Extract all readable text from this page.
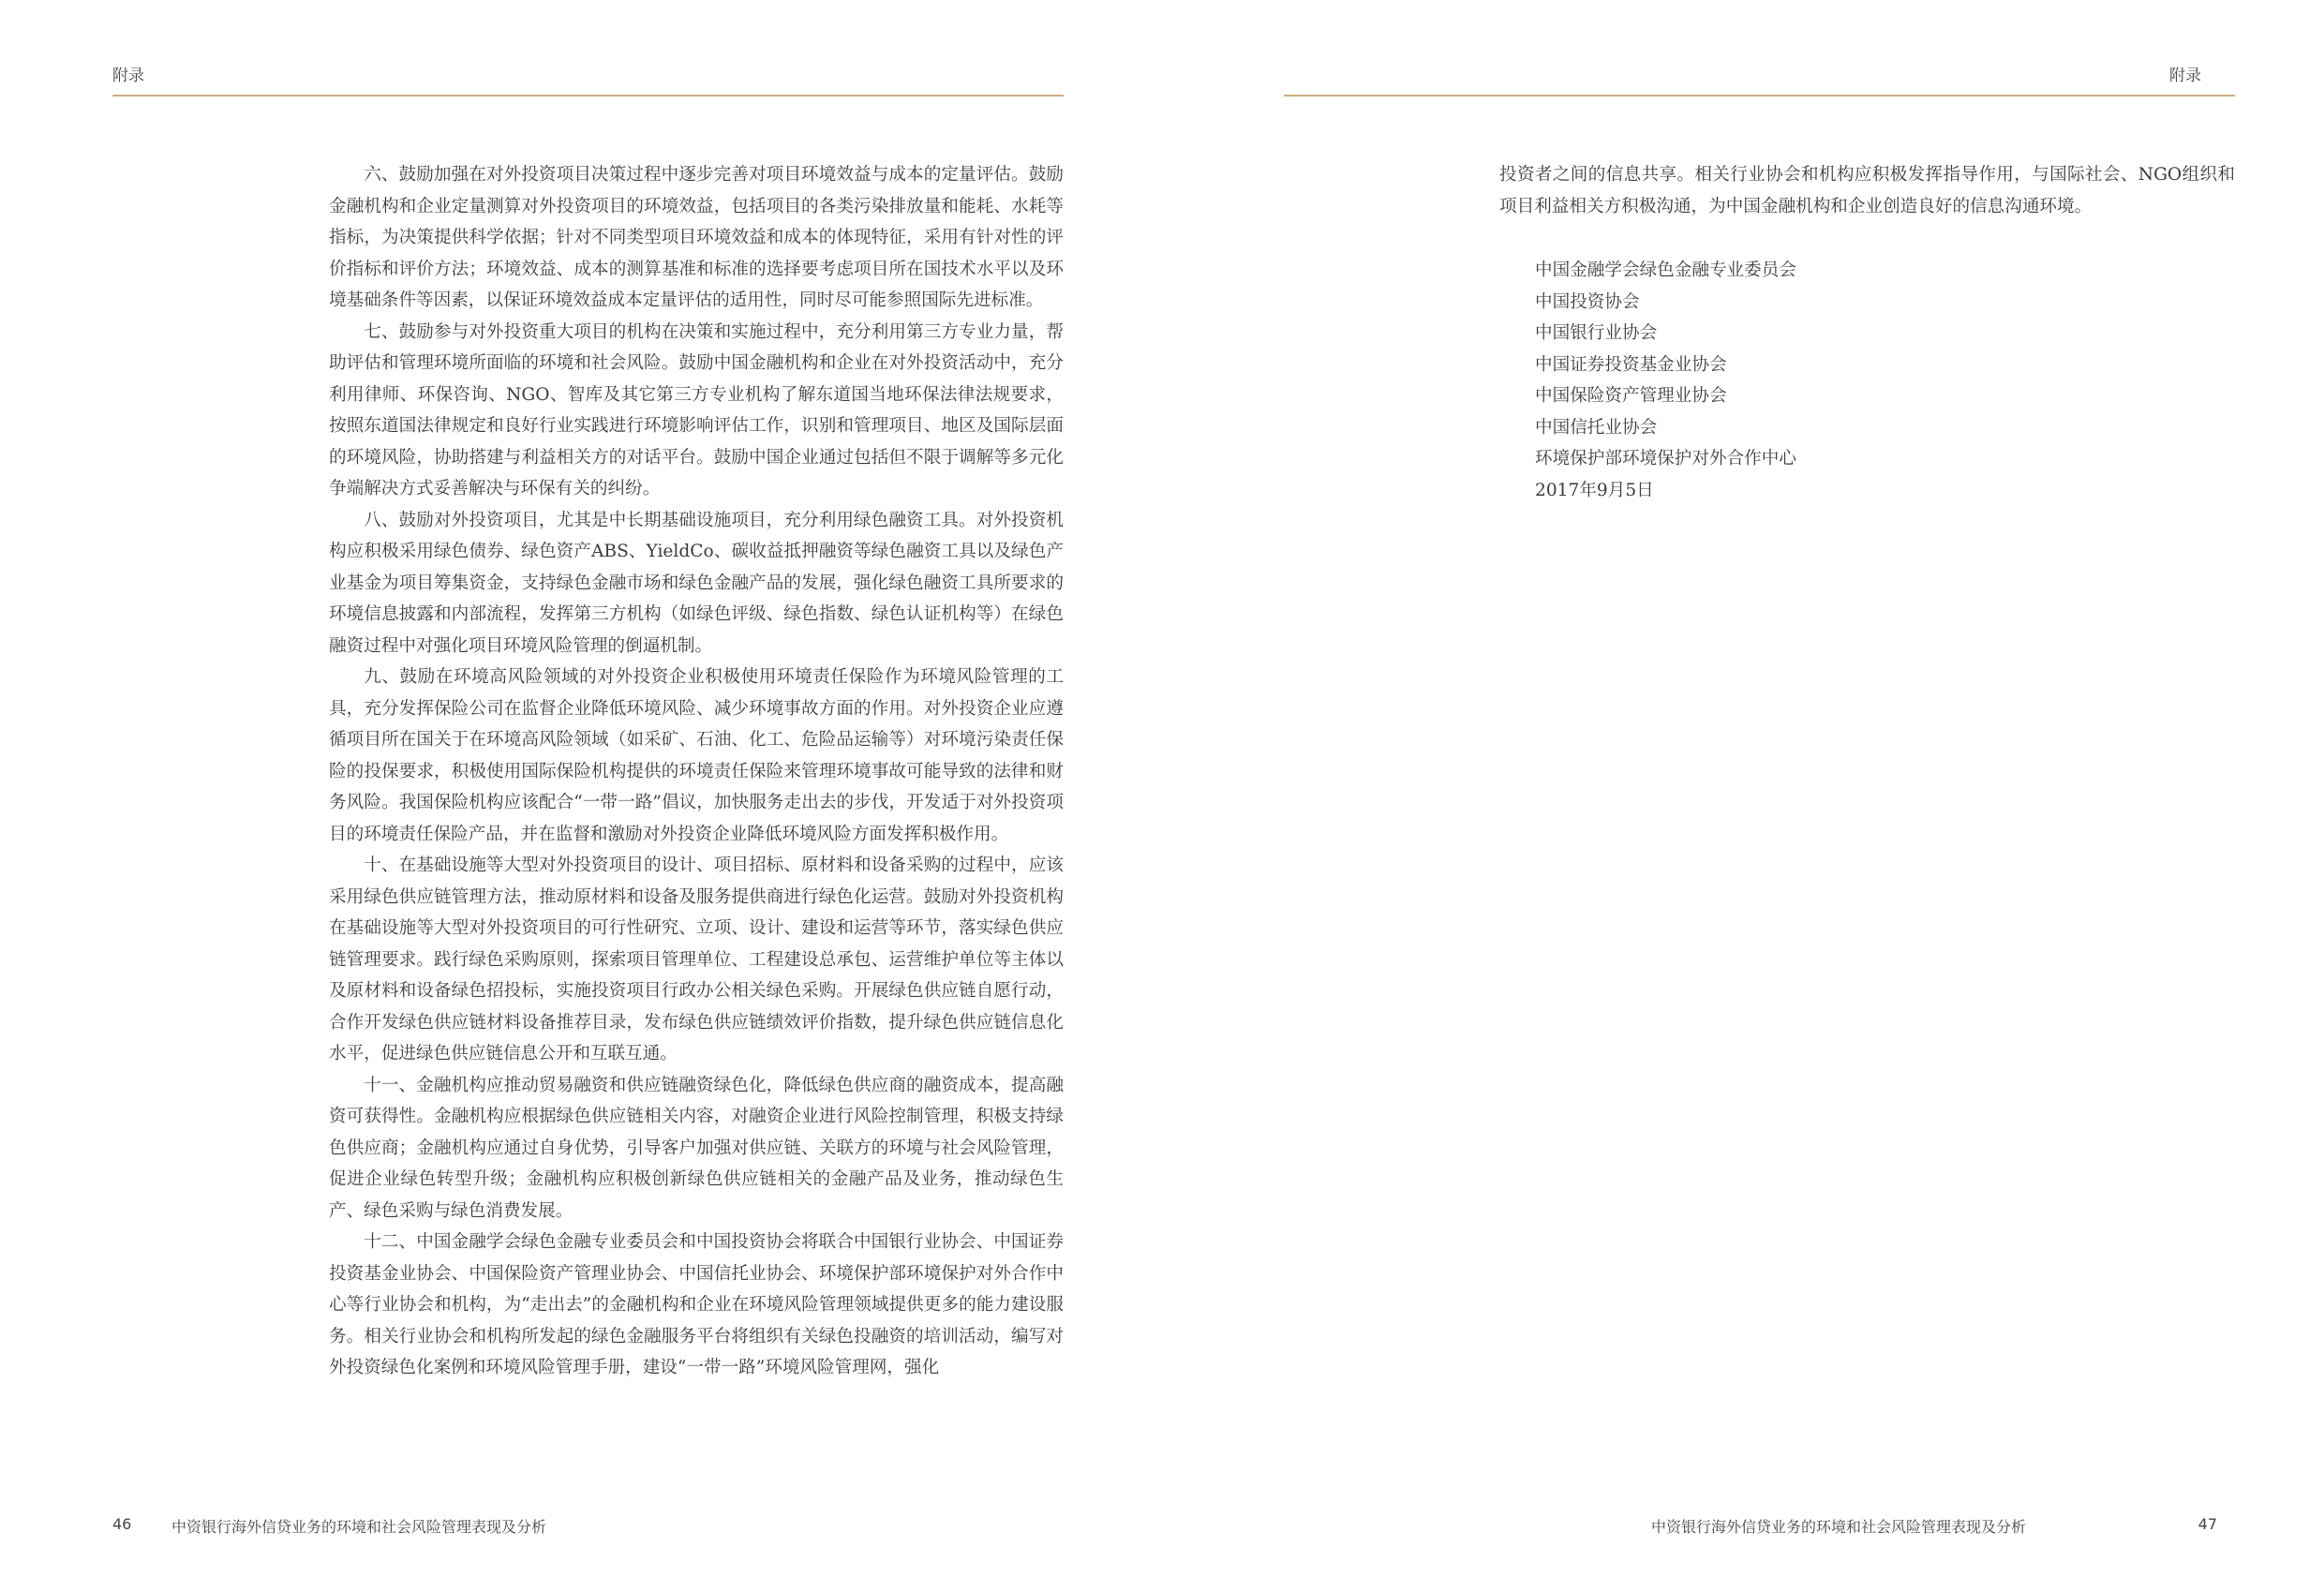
附录

六、鼓励加强在对外投资项目决策过程中逐步完善对项目环境效益与成本的定量评估。鼓励金融机构和企业定量测算对外投资项目的环境效益，包括项目的各类污染排放量和能耗、水耗等指标，为决策提供科学依据；针对不同类型项目环境效益和成本的体现特征，采用有针对性的评价指标和评价方法；环境效益、成本的测算基准和标准的选择要考虑项目所在国技术水平以及环境基础条件等因素，以保证环境效益成本定量评估的适用性，同时尽可能参照国际先进标准。

七、鼓励参与对外投资重大项目的机构在决策和实施过程中，充分利用第三方专业力量，帮助评估和管理环境所面临的环境和社会风险。鼓励中国金融机构和企业在对外投资活动中，充分利用律师、环保咨询、NGO、智库及其它第三方专业机构了解东道国当地环保法律法规要求，按照东道国法律规定和良好行业实践进行环境影响评估工作，识别和管理项目、地区及国际层面的环境风险，协助搭建与利益相关方的对话平台。鼓励中国企业通过包括但不限于调解等多元化争端解决方式妥善解决与环保有关的纠纷。

八、鼓励对外投资项目，尤其是中长期基础设施项目，充分利用绿色融资工具。对外投资机构应积极采用绿色债券、绿色资产ABS、YieldCo、碳收益抵押融资等绿色融资工具以及绿色产业基金为项目筹集资金，支持绿色金融市场和绿色金融产品的发展，强化绿色融资工具所要求的环境信息披露和内部流程，发挥第三方机构（如绿色评级、绿色指数、绿色认证机构等）在绿色融资过程中对强化项目环境风险管理的倒逼机制。

九、鼓励在环境高风险领域的对外投资企业积极使用环境责任保险作为环境风险管理的工具，充分发挥保险公司在监督企业降低环境风险、减少环境事故方面的作用。对外投资企业应遵循项目所在国关于在环境高风险领域（如采矿、石油、化工、危险品运输等）对环境污染责任保险的投保要求，积极使用国际保险机构提供的环境责任保险来管理环境事故可能导致的法律和财务风险。我国保险机构应该配合“一带一路”倡议，加快服务走出去的步伐，开发适于对外投资项目的环境责任保险产品，并在监督和激励对外投资企业降低环境风险方面发挥积极作用。

十、在基础设施等大型对外投资项目的设计、项目招标、原材料和设备采购的过程中，应该采用绿色供应链管理方法，推动原材料和设备及服务提供商进行绿色化运营。鼓励对外投资机构在基础设施等大型对外投资项目的可行性研究、立项、设计、建设和运营等环节，落实绿色供应链管理要求。践行绿色采购原则，探索项目管理单位、工程建设总承包、运营维护单位等主体以及原材料和设备绿色招投标，实施投资项目行政办公相关绿色采购。开展绿色供应链自愿行动，合作开发绿色供应链材料设备推荐目录，发布绿色供应链绩效评价指数，提升绿色供应链信息化水平，促进绿色供应链信息公开和互联互通。

十一、金融机构应推动贸易融资和供应链融资绿色化，降低绿色供应商的融资成本，提高融资可获得性。金融机构应根据绿色供应链相关内容，对融资企业进行风险控制管理，积极支持绿色供应商；金融机构应通过自身优势，引导客户加强对供应链、关联方的环境与社会风险管理，促进企业绿色转型升级；金融机构应积极创新绿色供应链相关的金融产品及业务，推动绿色生产、绿色采购与绿色消费发展。

十二、中国金融学会绿色金融专业委员会和中国投资协会将联合中国银行业协会、中国证券投资基金业协会、中国保险资产管理业协会、中国信托业协会、环境保护部环境保护对外合作中心等行业协会和机构，为“走出去”的金融机构和企业在环境风险管理领域提供更多的能力建设服务。相关行业协会和机构所发起的绿色金融服务平台将组织有关绿色投融资的培训活动，编写对外投资绿色化案例和环境风险管理手册，建设“一带一路”环境风险管理网，强化

46	中资银行海外信贷业务的环境和社会风险管理表现及分析
附录

投资者之间的信息共享。相关行业协会和机构应积极发挥指导作用，与国际社会、NGO组织和项目利益相关方积极沟通，为中国金融机构和企业创造良好的信息沟通环境。

中国金融学会绿色金融专业委员会
中国投资协会
中国银行业协会
中国证券投资基金业协会
中国保险资产管理业协会
中国信托业协会
环境保护部环境保护对外合作中心
2017年9月5日
中资银行海外信贷业务的环境和社会风险管理表现及分析	47
